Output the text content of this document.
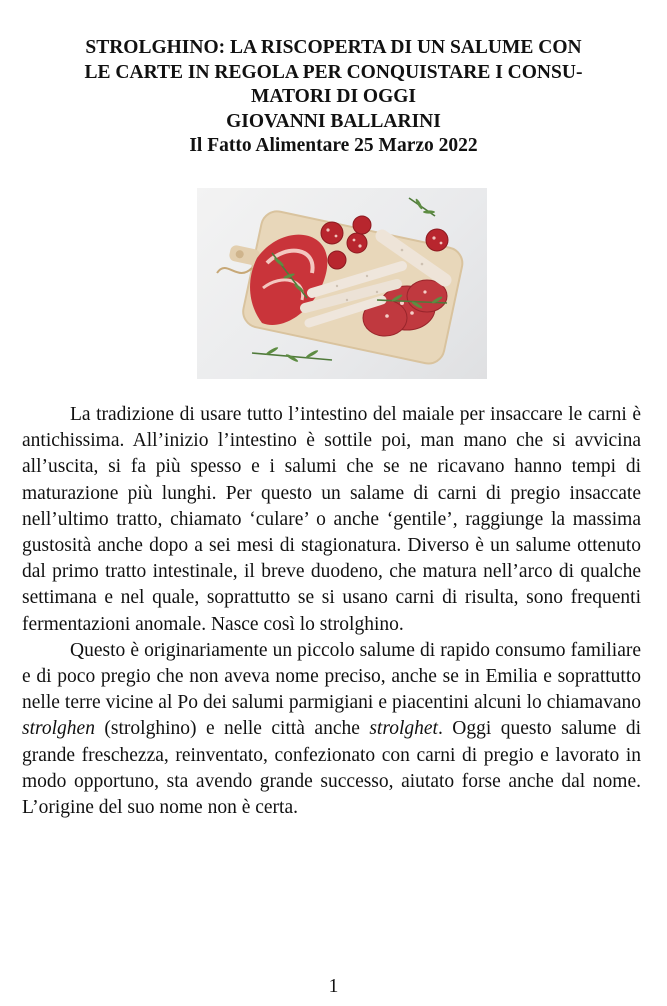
STROLGHINO: LA RISCOPERTA DI UN SALUME CON
LE CARTE IN REGOLA PER CONQUISTARE I CONSU-
MATORI DI OGGI
GIOVANNI BALLARINI
Il Fatto Alimentare 25 Marzo 2022

La tradizione di usare tutto l’intestino del maiale per insaccare le carni è antichissima. All’inizio l’intestino è sottile poi, man mano che si avvicina all’uscita, si fa più spesso e i salumi che se ne ricavano hanno tempi di maturazione più lunghi. Per questo un salame di carni di pregio insaccate nell’ultimo tratto, chiamato ‘culare’ o anche ‘gentile’, raggiunge la massima gustosità anche dopo a sei mesi di stagionatura. Diverso è un salume ottenuto dal primo tratto intestinale, il breve duodeno, che matura nell’arco di qualche settimana e nel quale, soprattutto se si usano carni di risulta, sono frequenti fermentazioni anomale. Nasce così lo strolghino.

Questo è originariamente un piccolo salume di rapido consumo familiare e di poco pregio che non aveva nome preciso, anche se in Emilia e soprattutto nelle terre vicine al Po dei salumi parmigiani e piacentini alcuni lo chiamavano strolghen (strolghino) e nelle città anche strolghet. Oggi questo salume di grande freschezza, reinventato, confezionato con carni di pregio e lavorato in modo opportuno, sta avendo grande successo, aiutato forse anche dal nome. L’origine del suo nome non è certa.

1
